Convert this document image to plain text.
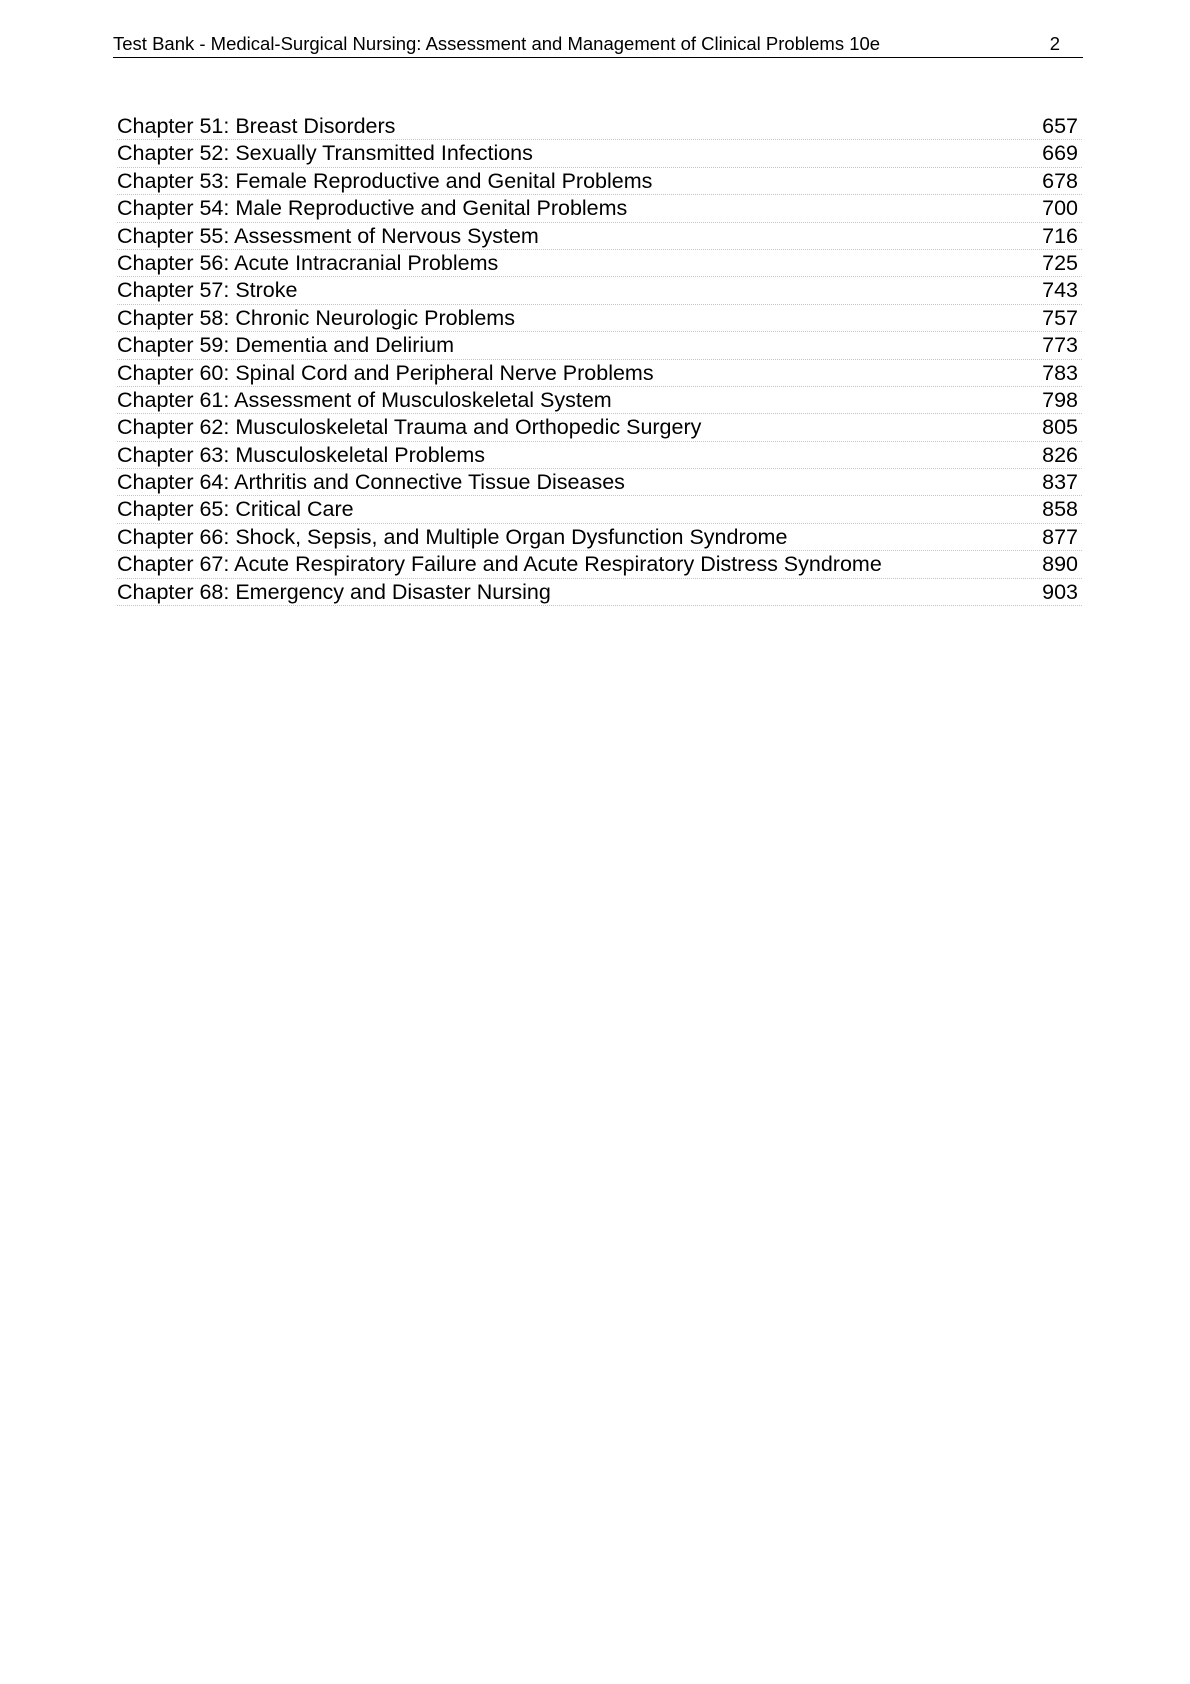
Test Bank - Medical-Surgical Nursing: Assessment and Management of Clinical Problems 10e	2
Chapter 51: Breast Disorders	657
Chapter 52: Sexually Transmitted Infections	669
Chapter 53: Female Reproductive and Genital Problems	678
Chapter 54: Male Reproductive and Genital Problems	700
Chapter 55: Assessment of Nervous System	716
Chapter 56: Acute Intracranial Problems	725
Chapter 57: Stroke	743
Chapter 58: Chronic Neurologic Problems	757
Chapter 59: Dementia and Delirium	773
Chapter 60: Spinal Cord and Peripheral Nerve Problems	783
Chapter 61: Assessment of Musculoskeletal System	798
Chapter 62: Musculoskeletal Trauma and Orthopedic Surgery	805
Chapter 63: Musculoskeletal Problems	826
Chapter 64: Arthritis and Connective Tissue Diseases	837
Chapter 65: Critical Care	858
Chapter 66: Shock, Sepsis, and Multiple Organ Dysfunction Syndrome	877
Chapter 67: Acute Respiratory Failure and Acute Respiratory Distress Syndrome	890
Chapter 68: Emergency and Disaster Nursing	903
